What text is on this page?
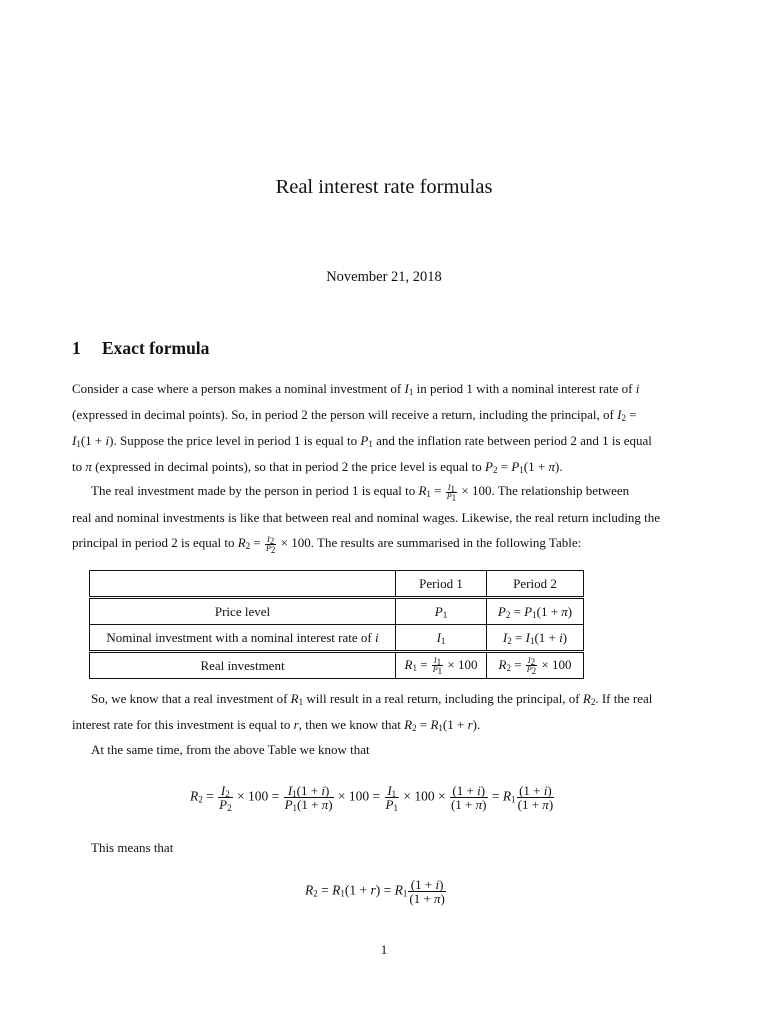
Real interest rate formulas
November 21, 2018
1 Exact formula
Consider a case where a person makes a nominal investment of $I_1$ in period 1 with a nominal interest rate of i
(expressed in decimal points). So, in period 2 the person will receive a return, including the principal, of $I_2$ =
$I_1(1 + i)$. Suppose the price level in period 1 is equal to $P_1$ and the inflation rate between period 2 and 1 is equal
to π (expressed in decimal points), so that in period 2 the price level is equal to $P_2 = P_1(1 + \pi)$.
The real investment made by the person in period 1 is equal to $R_1 = \frac{I_1}{P_1} \times 100$. The relationship between
real and nominal investments is like that between real and nominal wages. Likewise, the real return including the
principal in period 2 is equal to $R_2 = \frac{I_2}{P_2} \times 100$. The results are summarised in the following Table:
	Period 1	Period 2
Price level	$P_1$	$P_2 = P_1(1 + \pi)$
Nominal investment with a nominal interest rate of i	$I_1$	$I_2 = I_1(1 + i)$
Real investment	$R_1 = \frac{I_1}{P_1} \times 100$	$R_2 = \frac{I_2}{P_2} \times 100$
So, we know that a real investment of $R_1$ will result in a real return, including the principal, of $R_2$. If the real
interest rate for this investment is equal to r, then we know that $R_2 = R_1(1 + r)$.
At the same time, from the above Table we know that
$R_2 = \frac{I_2}{P_2} \times 100 = \frac{I_1(1 + i)}{P_1(1 + \pi)} \times 100 = \frac{I_1}{P_1} \times 100 \times \frac{(1 + i)}{(1 + \pi)} = R_1 \frac{(1 + i)}{(1 + \pi)}$
This means that
$R_2 = R_1(1 + r) = R_1 \frac{(1 + i)}{(1 + \pi)}$
1
